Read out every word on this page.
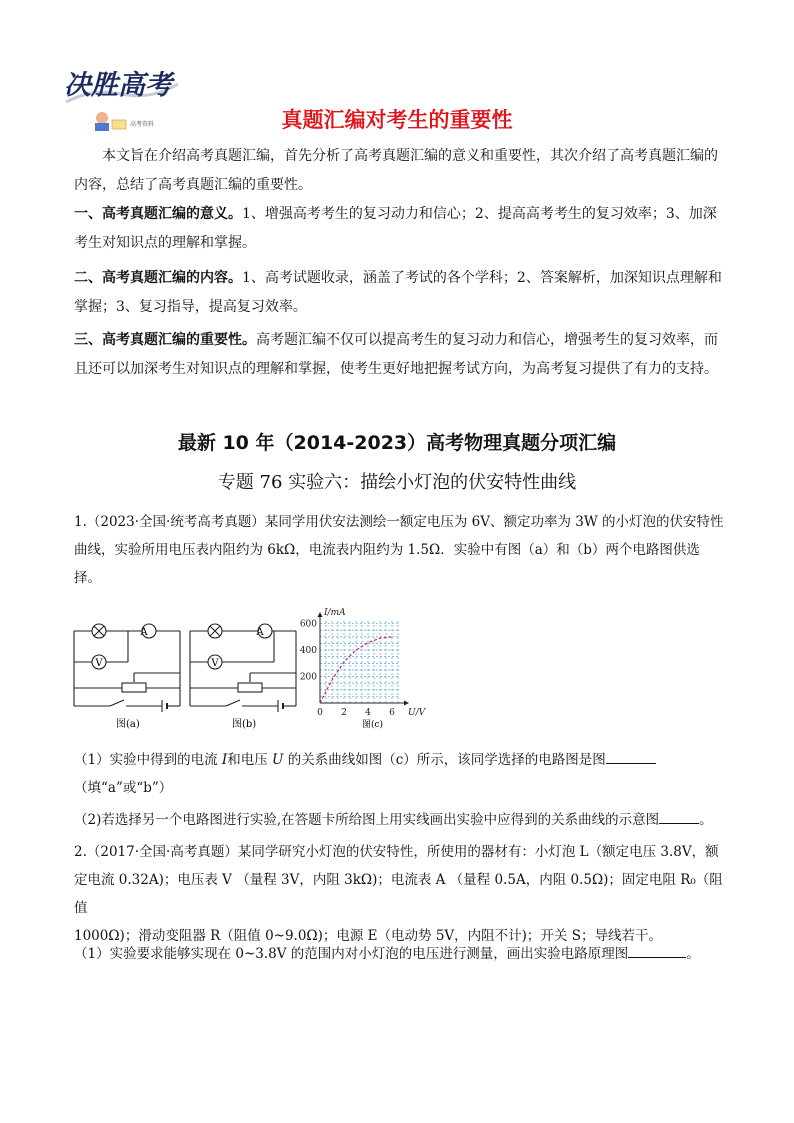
决胜高考
高考资料	真题汇编对考生的重要性
本文旨在介绍高考真题汇编，首先分析了高考真题汇编的意义和重要性，其次介绍了高考真题汇编的内容，总结了高考真题汇编的重要性。
一、高考真题汇编的意义。1、增强高考考生的复习动力和信心；2、提高高考考生的复习效率；3、加深考生对知识点的理解和掌握。
二、高考真题汇编的内容。1、高考试题收录，涵盖了考试的各个学科；2、答案解析，加深知识点理解和掌握；3、复习指导，提高复习效率。
三、高考真题汇编的重要性。高考题汇编不仅可以提高考生的复习动力和信心，增强考生的复习效率，而且还可以加深考生对知识点的理解和掌握，使考生更好地把握考试方向，为高考复习提供了有力的支持。
最新 10 年（2014-2023）高考物理真题分项汇编
专题 76 实验六：描绘小灯泡的伏安特性曲线
1.（2023·全国·统考高考真题）某同学用伏安法测绘一额定电压为 6V、额定功率为 3W 的小灯泡的伏安特性曲线，实验所用电压表内阻约为 6kΩ，电流表内阻约为 1.5Ω．实验中有图（a）和（b）两个电路图供选择。
A
V
图(a)
A
V
图(b)
0 2 4 6
200
400
600
I/mA
U/V
图(c)
（1）实验中得到的电流 I和电压 U 的关系曲线如图（c）所示，该同学选择的电路图是图（填“a”或“b”）
（2)若选择另一个电路图进行实验,在答题卡所给图上用实线画出实验中应得到的关系曲线的示意图	。
2.（2017·全国·高考真题）某同学研究小灯泡的伏安特性，所使用的器材有：小灯泡 L（额定电压 3.8V，额
定电流 0.32A)；电压表 V （量程 3V，内阻 3kΩ)；电流表 A （量程 0.5A，内阻 0.5Ω)；固定电阻 R₀（阻值
1000Ω)；滑动变阻器 R（阻值 0~9.0Ω)；电源 E（电动势 5V，内阻不计)；开关 S；导线若干。
（1）实验要求能够实现在 0~3.8V 的范围内对小灯泡的电压进行测量，画出实验电路原理图	。
